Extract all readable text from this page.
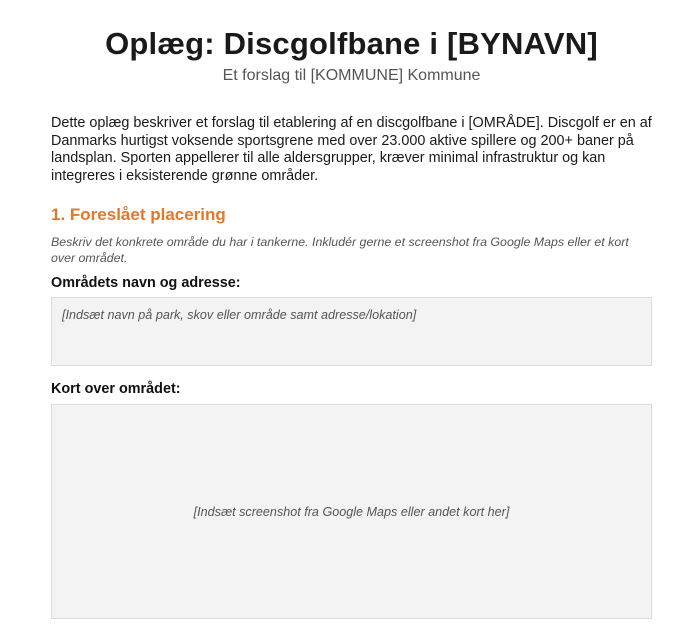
Oplæg: Discgolfbane i [BYNAVN]

Et forslag til [KOMMUNE] Kommune

Dette oplæg beskriver et forslag til etablering af en discgolfbane i [OMRÅDE]. Discgolf er en af Danmarks hurtigst voksende sportsgrene med over 23.000 aktive spillere og 200+ baner på landsplan. Sporten appellerer til alle aldersgrupper, kræver minimal infrastruktur og kan integreres i eksisterende grønne områder.

1. Foreslået placering

Beskriv det konkrete område du har i tankerne. Inkludér gerne et screenshot fra Google Maps eller et kort over området.

Områdets navn og adresse:

[Indsæt navn på park, skov eller område samt adresse/lokation]

Kort over området:

[Indsæt screenshot fra Google Maps eller andet kort her]
